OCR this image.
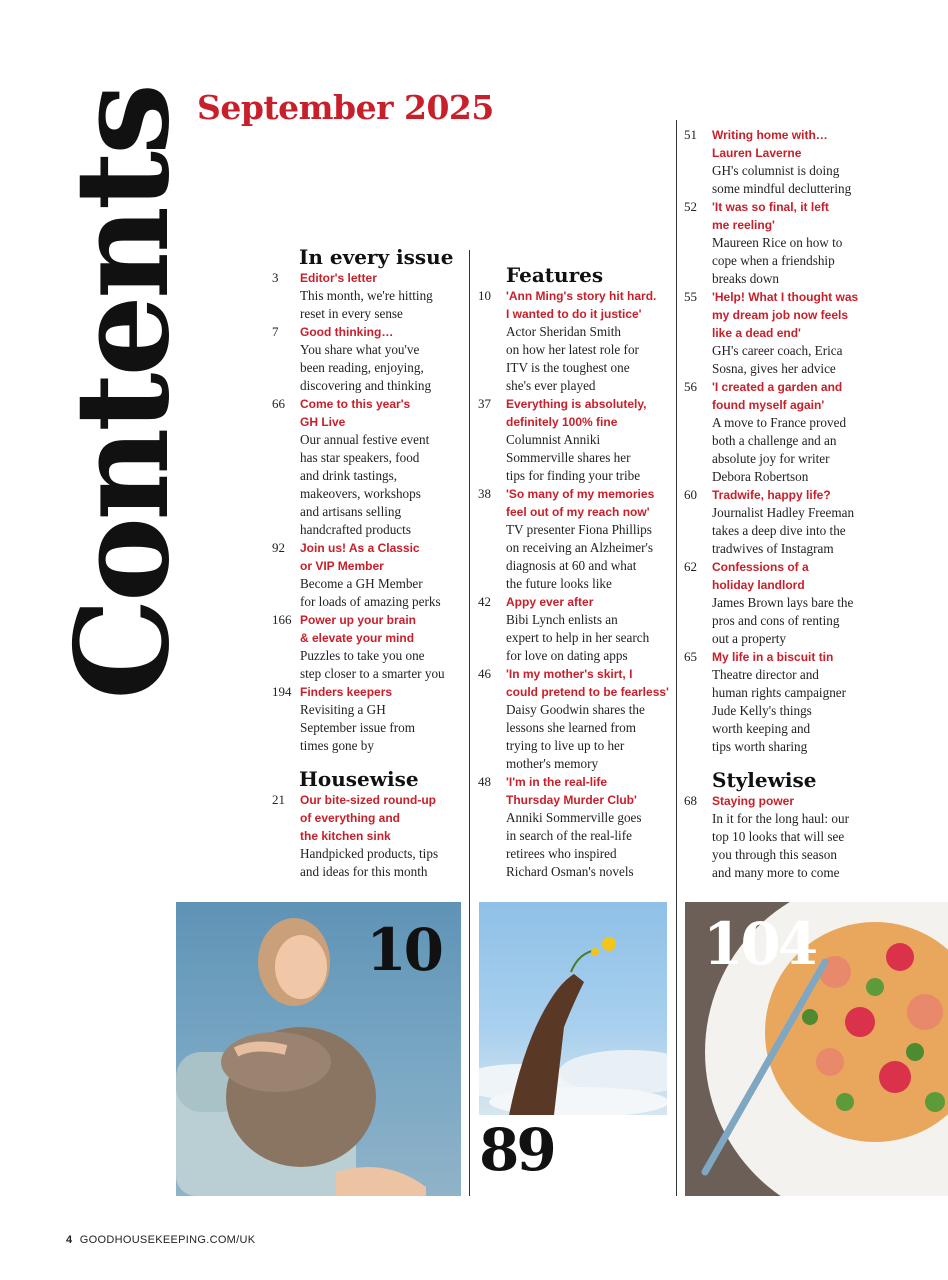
Contents September 2025
In every issue
3 Editor's letter
This month, we're hitting
reset in every sense
7 Good thinking…
You share what you've
been reading, enjoying,
discovering and thinking
66 Come to this year's
GH Live
Our annual festive event
has star speakers, food
and drink tastings,
makeovers, workshops
and artisans selling
handcrafted products
92 Join us! As a Classic
or VIP Member
Become a GH Member
for loads of amazing perks
166 Power up your brain
& elevate your mind
Puzzles to take you one
step closer to a smarter you
194 Finders keepers
Revisiting a GH
September issue from
times gone by
Housewise
21 Our bite-sized round-up
of everything and
the kitchen sink
Handpicked products, tips
and ideas for this month
Features
10 'Ann Ming's story hit hard.
I wanted to do it justice'
Actor Sheridan Smith
on how her latest role for
ITV is the toughest one
she's ever played
37 Everything is absolutely,
definitely 100% fine
Columnist Anniki
Sommerville shares her
tips for finding your tribe
38 'So many of my memories
feel out of my reach now'
TV presenter Fiona Phillips
on receiving an Alzheimer's
diagnosis at 60 and what
the future looks like
42 Appy ever after
Bibi Lynch enlists an
expert to help in her search
for love on dating apps
46 'In my mother's skirt, I
could pretend to be fearless'
Daisy Goodwin shares the
lessons she learned from
trying to live up to her
mother's memory
48 'I'm in the real-life
Thursday Murder Club'
Anniki Sommerville goes
in search of the real-life
retirees who inspired
Richard Osman's novels
51 Writing home with…
Lauren Laverne
GH's columnist is doing
some mindful decluttering
52 'It was so final, it left
me reeling'
Maureen Rice on how to
cope when a friendship
breaks down
55 'Help! What I thought was
my dream job now feels
like a dead end'
GH's career coach, Erica
Sosna, gives her advice
56 'I created a garden and
found myself again'
A move to France proved
both a challenge and an
absolute joy for writer
Debora Robertson
60 Tradwife, happy life?
Journalist Hadley Freeman
takes a deep dive into the
tradwives of Instagram
62 Confessions of a
holiday landlord
James Brown lays bare the
pros and cons of renting
out a property
65 My life in a biscuit tin
Theatre director and
human rights campaigner
Jude Kelly's things
worth keeping and
tips worth sharing
Stylewise
68 Staying power
In it for the long haul: our
top 10 looks that will see
you through this season
and many more to come
10
89
104
4 GOODHOUSEKEEPING.COM/UK
